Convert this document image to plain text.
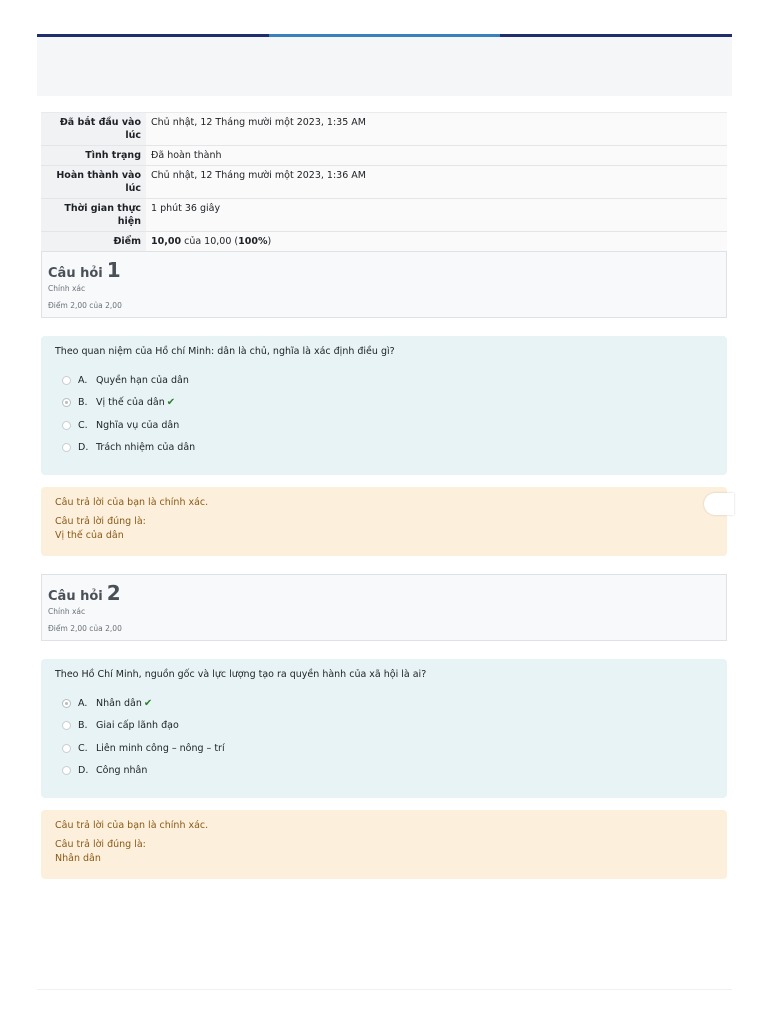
Đã bắt đầu vào lúc	Chủ nhật, 12 Tháng mười một 2023, 1:35 AM
Tình trạng	Đã hoàn thành
Hoàn thành vào lúc	Chủ nhật, 12 Tháng mười một 2023, 1:36 AM
Thời gian thực hiện	1 phút 36 giây
Điểm	10,00 của 10,00 (100%)
Câu hỏi 1
Chính xác
Điểm 2,00 của 2,00
Theo quan niệm của Hồ chí Minh: dân là chủ, nghĩa là xác định điều gì?
A. Quyền hạn của dân
B. Vị thế của dân ✔
C. Nghĩa vụ của dân
D. Trách nhiệm của dân
Câu trả lời của bạn là chính xác.
Câu trả lời đúng là:
Vị thế của dân
Câu hỏi 2
Chính xác
Điểm 2,00 của 2,00
Theo Hồ Chí Minh, nguồn gốc và lực lượng tạo ra quyền hành của xã hội là ai?
A. Nhân dân ✔
B. Giai cấp lãnh đạo
C. Liên minh công – nông – trí
D. Công nhân
Câu trả lời của bạn là chính xác.
Câu trả lời đúng là:
Nhân dân
